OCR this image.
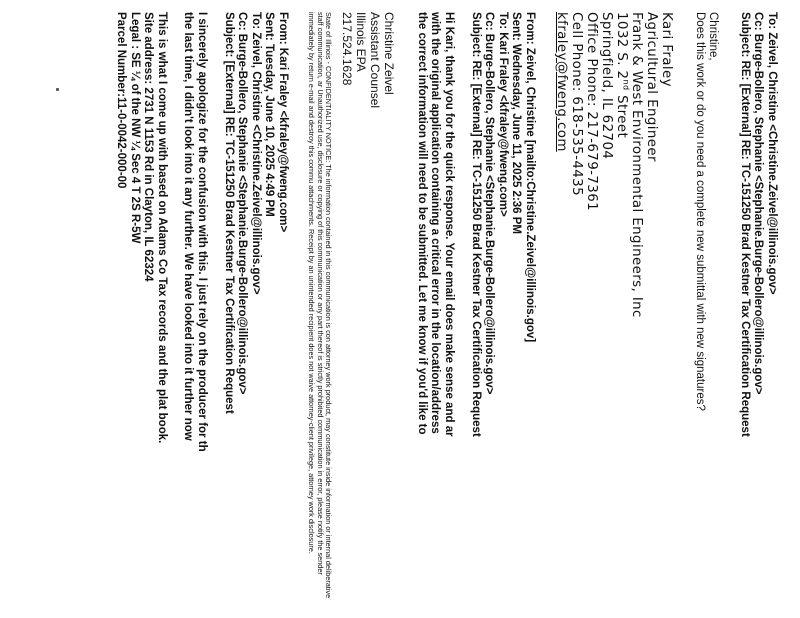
To: Zeivel, Christine <Christine.Zeivel@illinois.gov>
Cc: Burge-Bollero, Stephanie <Stephanie.Burge-Bollero@illinois.gov>
Subject: RE: [External] RE: TC-151250 Brad Kestner Tax Certification Request
Christine,
Does this work or do you need a complete new submittal with new signatures?
Kari Fraley
Agricultural Engineer
Frank & West Environmental Engineers, Inc
1032 S. 2nd Street
Springfield, IL 62704
Office Phone: 217-679-7361
Cell Phone: 618-535-4435
kfraley@fweng.com
From: Zeivel, Christine [mailto:Christine.Zeivel@illinois.gov]
Sent: Wednesday, June 11, 2025 2:36 PM
To: Kari Fraley <kfraley@fweng.com>
Cc: Burge-Bollero, Stephanie <Stephanie.Burge-Bollero@illinois.gov>
Subject: RE: [External] RE: TC-151250 Brad Kestner Tax Certification Request
Hi Kari, thank you for the quick response. Your email does make sense and ar
with the original application containing a critical error in the location/address
the correct information will need to be submitted. Let me know if you'd like to
Christine Zeivel
Assistant Counsel
Illinois EPA
217.524.1628
State of Illinois - CONFIDENTIALITY NOTICE: The information contained in this communication is con attorney work product, may constitute inside information or internal deliberative staff communication, ar Unauthorized use, disclosure or copying of this communication or any part thereof is strictly prohibited communication in error, please notify the sender immediately by return e-mail and destroy this commu attachments. Receipt by an unintended recipient does not waive attorney-client privilege, attorney work disclosure.
From: Kari Fraley <kfraley@fweng.com>
Sent: Tuesday, June 10, 2025 4:49 PM
To: Zeivel, Christine <Christine.Zeivel@illinois.gov>
Cc: Burge-Bollero, Stephanie <Stephanie.Burge-Bollero@illinois.gov>
Subject: [External] RE: TC-151250 Brad Kestner Tax Certification Request
I sincerely apologize for the confusion with this. I just rely on the producer for th
the last time, I didn't look into it any further. We have looked into it further now
This is what I come up with based on Adams Co Tax records and the plat book.
Site address: 2731 N 1153 Rd in Clayton, IL 62324
Legal : SE ¼ of the NW ¼ Sec 4 T 2S R-5W
Parcel Number:11-0-0042-000-00
